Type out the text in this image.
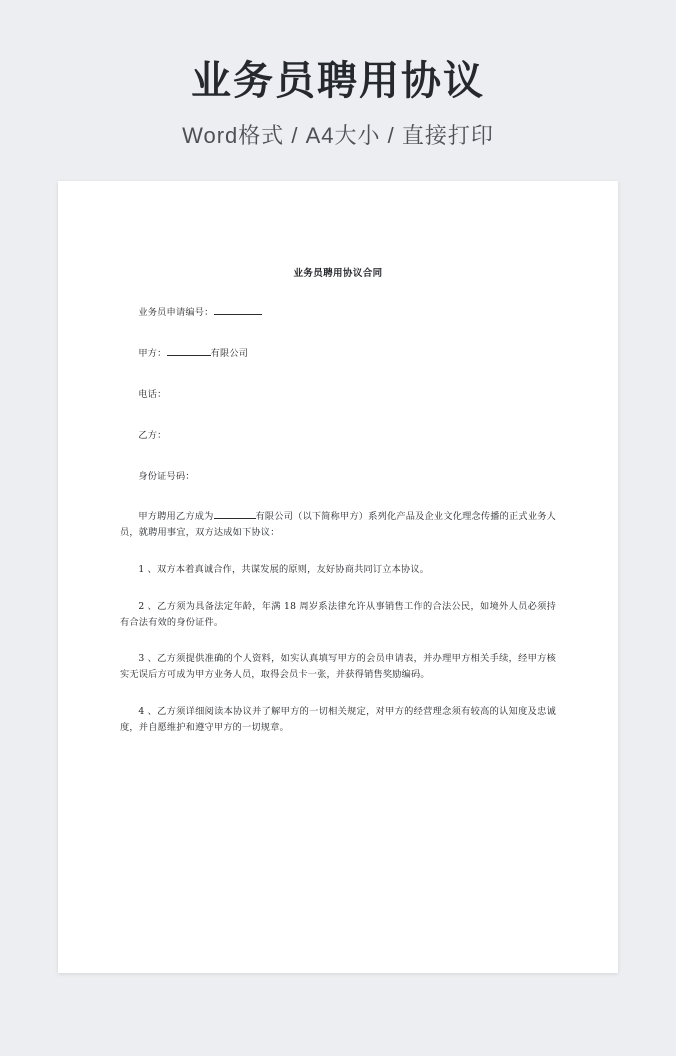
业务员聘用协议
Word格式 / A4大小 / 直接打印
业务员聘用协议合同

业务员申请编号：

甲方：	有限公司

电话：

乙方：

身份证号码：

甲方聘用乙方成为	有限公司（以下简称甲方）系列化产品及企业文化理念传播的正式业务人员，就聘用事宜，双方达成如下协议：

1 、双方本着真诚合作，共谋发展的原则，友好协商共同订立本协议。

2 、乙方须为具备法定年龄，年满 18 周岁系法律允许从事销售工作的合法公民，如境外人员必须持有合法有效的身份证件。

3 、乙方须提供准确的个人资料，如实认真填写甲方的会员申请表，并办理甲方相关手续，经甲方核实无误后方可成为甲方业务人员，取得会员卡一张，并获得销售奖励编码。

4 、乙方须详细阅读本协议并了解甲方的一切相关规定，对甲方的经营理念须有较高的认知度及忠诚度，并自愿维护和遵守甲方的一切规章。
